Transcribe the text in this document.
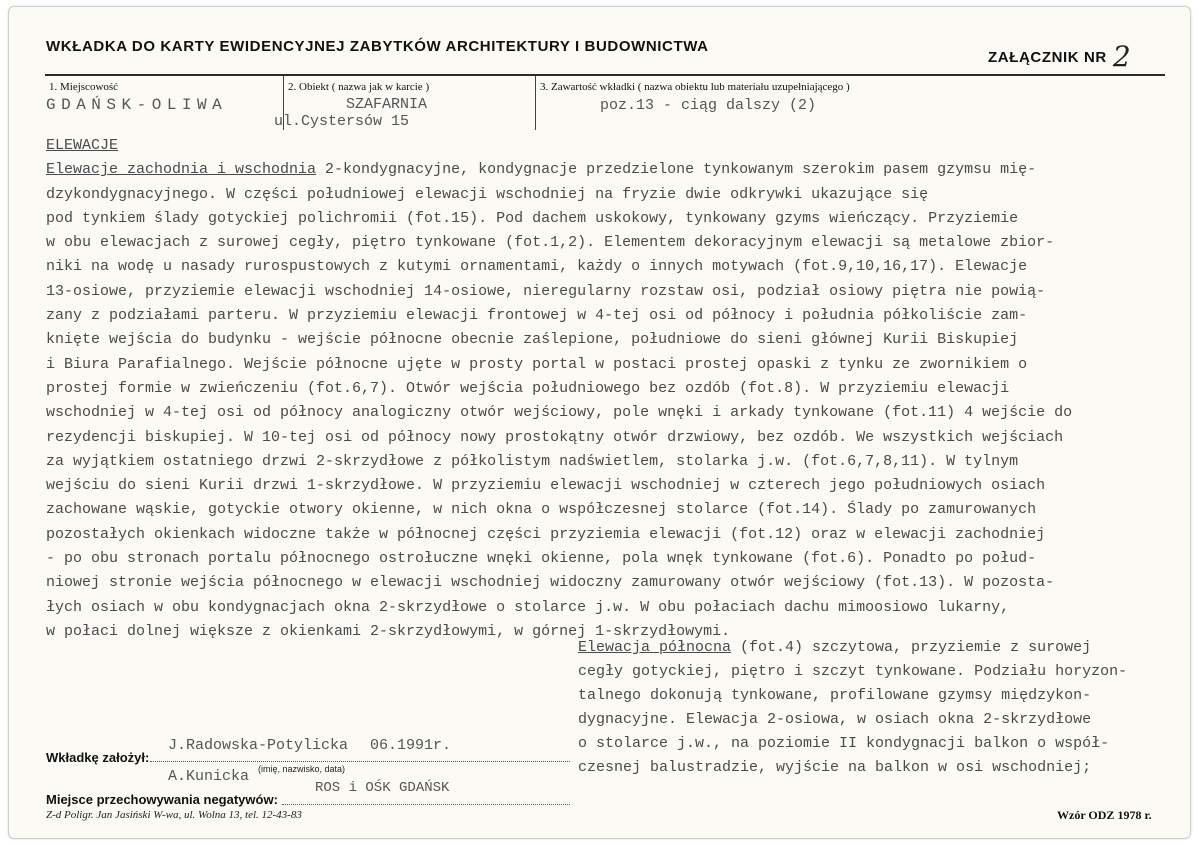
WKŁADKA DO KARTY EWIDENCYJNEJ ZABYTKÓW ARCHITEKTURY I BUDOWNICTWA
ZAŁĄCZNIK NR 2
1. Miejscowość
GDAŃSK-OLIWA
2. Obiekt ( nazwa jak w karcie )
SZAFARNIA
ul.Cystersów 15
3. Zawartość wkładki ( nazwa obiektu lub materiału uzupełniającego )
poz.13 - ciąg dalszy (2)
ELEWACJE
Elewacje zachodnia i wschodnia 2-kondygnacyjne, kondygnacje przedzielone tynkowanym szerokim pasem gzymsu mię-
dzykondygnacyjnego. W części południowej elewacji wschodniej na fryzie dwie odkrywki ukazujące się
pod tynkiem ślady gotyckiej polichromii (fot.15). Pod dachem uskokowy, tynkowany gzyms wieńczący. Przyziemie
w obu elewacjach z surowej cegły, piętro tynkowane (fot.1,2). Elementem dekoracyjnym elewacji są metalowe zbior-
niki na wodę u nasady rurospustowych z kutymi ornamentami, każdy o innych motywach (fot.9,10,16,17). Elewacje
13-osiowe, przyziemie elewacji wschodniej 14-osiowe, nieregularny rozstaw osi, podział osiowy piętra nie powią-
zany z podziałami parteru. W przyziemiu elewacji frontowej w 4-tej osi od północy i południa półkoliście zam-
knięte wejścia do budynku - wejście północne obecnie zaślepione, południowe do sieni głównej Kurii Biskupiej
i Biura Parafialnego. Wejście północne ujęte w prosty portal w postaci prostej opaski z tynku ze zwornikiem o
prostej formie w zwieńczeniu (fot.6,7). Otwór wejścia południowego bez ozdób (fot.8). W przyziemiu elewacji
wschodniej w 4-tej osi od północy analogiczny otwór wejściowy, pole wnęki i arkady tynkowane (fot.11) 4 wejście do
rezydencji biskupiej. W 10-tej osi od północy nowy prostokątny otwór drzwiowy, bez ozdób. We wszystkich wejściach
za wyjątkiem ostatniego drzwi 2-skrzydłowe z półkolistym nadświetlem, stolarka j.w. (fot.6,7,8,11). W tylnym
wejściu do sieni Kurii drzwi 1-skrzydłowe. W przyziemiu elewacji wschodniej w czterech jego południowych osiach
zachowane wąskie, gotyckie otwory okienne, w nich okna o współczesnej stolarce (fot.14). Ślady po zamurowanych
pozostałych okienkach widoczne także w północnej części przyziemia elewacji (fot.12) oraz w elewacji zachodniej
- po obu stronach portalu północnego ostrołuczne wnęki okienne, pola wnęk tynkowane (fot.6). Ponadto po połud-
niowej stronie wejścia północnego w elewacji wschodniej widoczny zamurowany otwór wejściowy (fot.13). W pozosta-
łych osiach w obu kondygnacjach okna 2-skrzydłowe o stolarce j.w. W obu połaciach dachu mimoosiowo lukarny,
w połaci dolnej większe z okienkami 2-skrzydłowymi, w górnej 1-skrzydłowymi.
Elewacja północna (fot.4) szczytowa, przyziemie z surowej
cegły gotyckiej, piętro i szczyt tynkowane. Podziału horyzon-
talnego dokonują tynkowane, profilowane gzymsy międzykon-
dygnacyjne. Elewacja 2-osiowa, w osiach okna 2-skrzydłowe
o stolarce j.w., na poziomie II kondygnacji balkon o współ-
czesnej balustradzie, wyjście na balkon w osi wschodniej;
Wkładkę założył:
J.Radowska-Potylicka 06.1991r.
(imię, nazwisko, data)
A.Kunicka
Miejsce przechowywania negatywów:
ROS i OŚK GDAŃSK
Z-d Poligr. Jan Jasiński W-wa, ul. Wolna 13, tel. 12-43-83	Wzór ODZ 1978 r.
